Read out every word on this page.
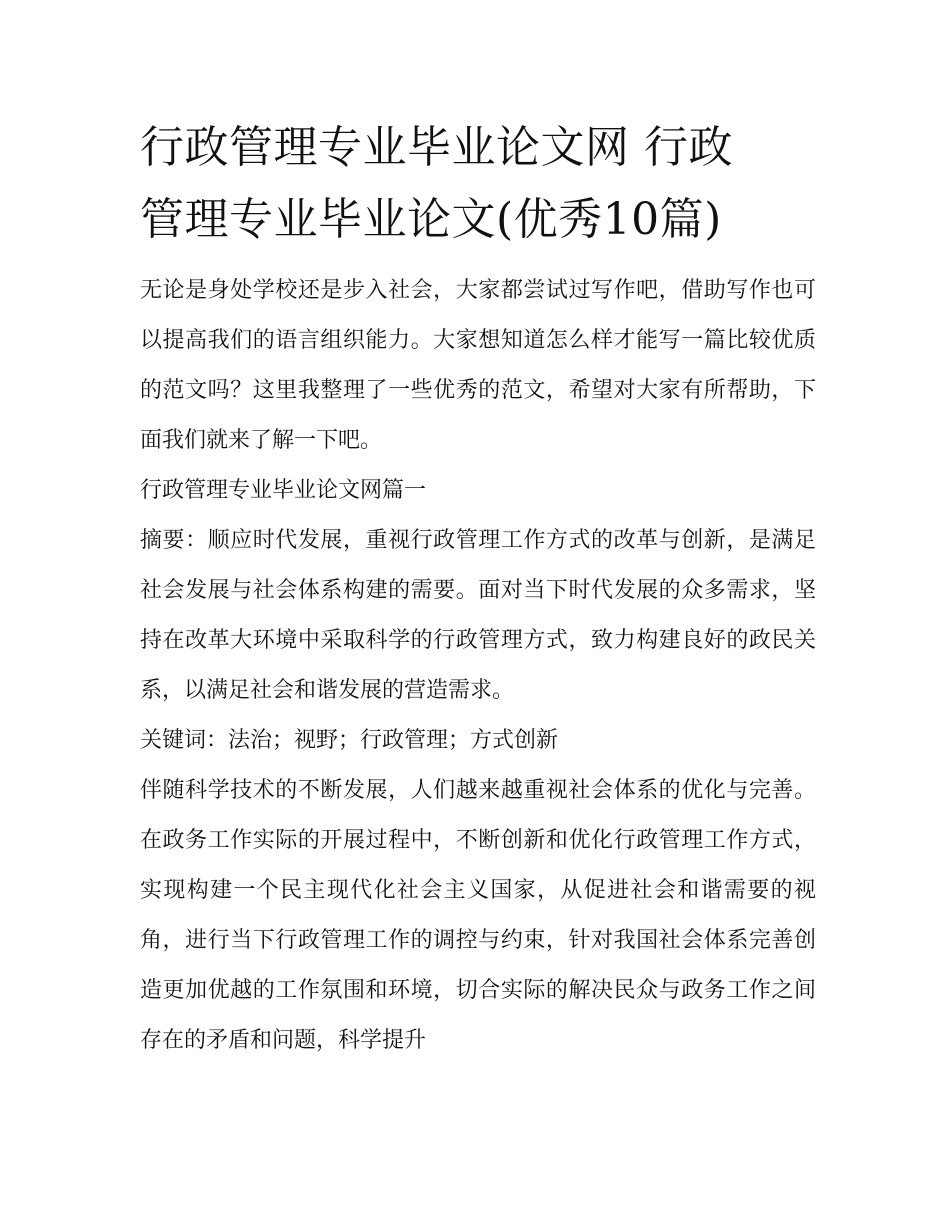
行政管理专业毕业论文网 行政
管理专业毕业论文(优秀10篇)

无论是身处学校还是步入社会，大家都尝试过写作吧，借助写作也可以提高我们的语言组织能力。大家想知道怎么样才能写一篇比较优质的范文吗？这里我整理了一些优秀的范文，希望对大家有所帮助，下面我们就来了解一下吧。

行政管理专业毕业论文网篇一

摘要：顺应时代发展，重视行政管理工作方式的改革与创新，是满足社会发展与社会体系构建的需要。面对当下时代发展的众多需求，坚持在改革大环境中采取科学的行政管理方式，致力构建良好的政民关系，以满足社会和谐发展的营造需求。

关键词：法治；视野；行政管理；方式创新

伴随科学技术的不断发展，人们越来越重视社会体系的优化与完善。在政务工作实际的开展过程中，不断创新和优化行政管理工作方式，实现构建一个民主现代化社会主义国家，从促进社会和谐需要的视角，进行当下行政管理工作的调控与约束，针对我国社会体系完善创造更加优越的工作氛围和环境，切合实际的解决民众与政务工作之间存在的矛盾和问题，科学提升
